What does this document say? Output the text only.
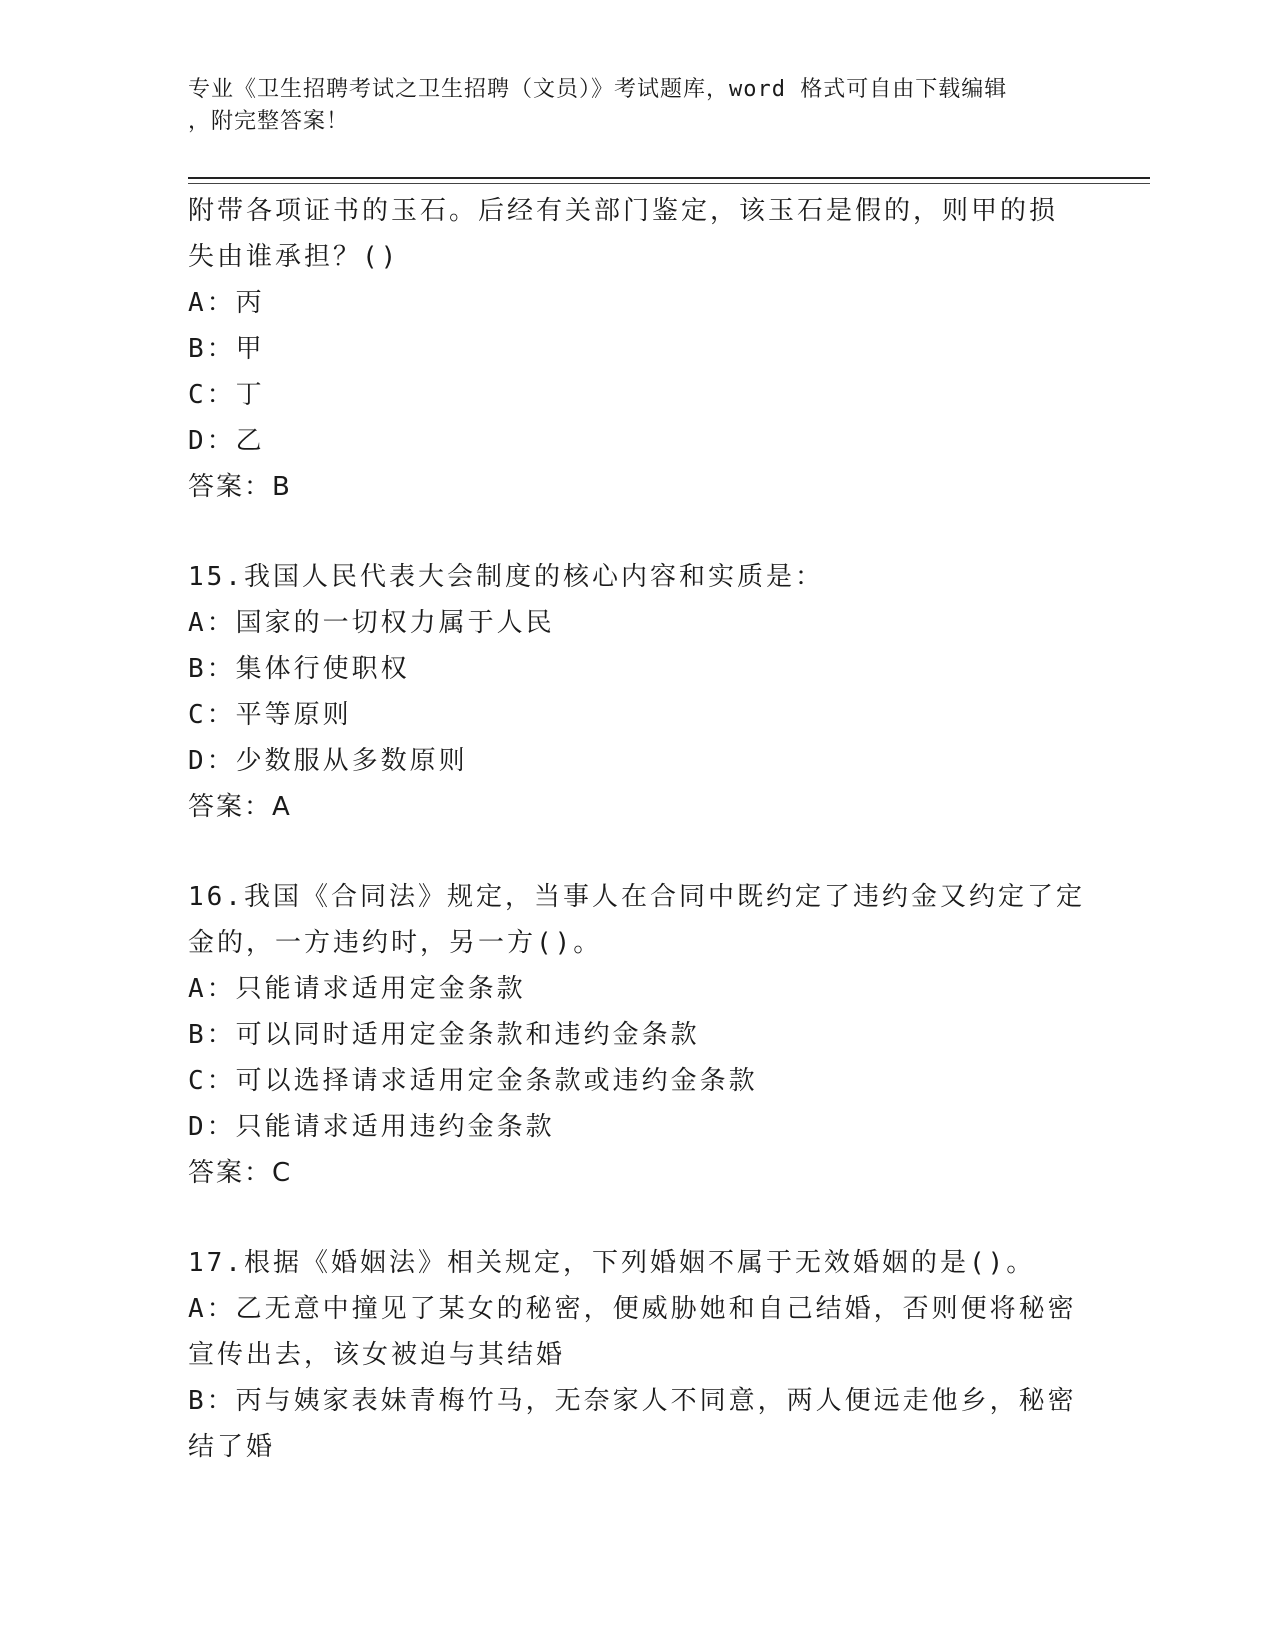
专业《卫生招聘考试之卫生招聘（文员）》考试题库，word 格式可自由下载编辑
，附完整答案！
附带各项证书的玉石。后经有关部门鉴定，该玉石是假的，则甲的损
失由谁承担？()
A：丙
B：甲
C：丁
D：乙
答案：B
15.我国人民代表大会制度的核心内容和实质是：
A：国家的一切权力属于人民
B：集体行使职权
C：平等原则
D：少数服从多数原则
答案：A
16.我国《合同法》规定，当事人在合同中既约定了违约金又约定了定
金的，一方违约时，另一方()。
A：只能请求适用定金条款
B：可以同时适用定金条款和违约金条款
C：可以选择请求适用定金条款或违约金条款
D：只能请求适用违约金条款
答案：C
17.根据《婚姻法》相关规定，下列婚姻不属于无效婚姻的是()。
A：乙无意中撞见了某女的秘密，便威胁她和自己结婚，否则便将秘密
宣传出去，该女被迫与其结婚
B：丙与姨家表妹青梅竹马，无奈家人不同意，两人便远走他乡，秘密
结了婚
